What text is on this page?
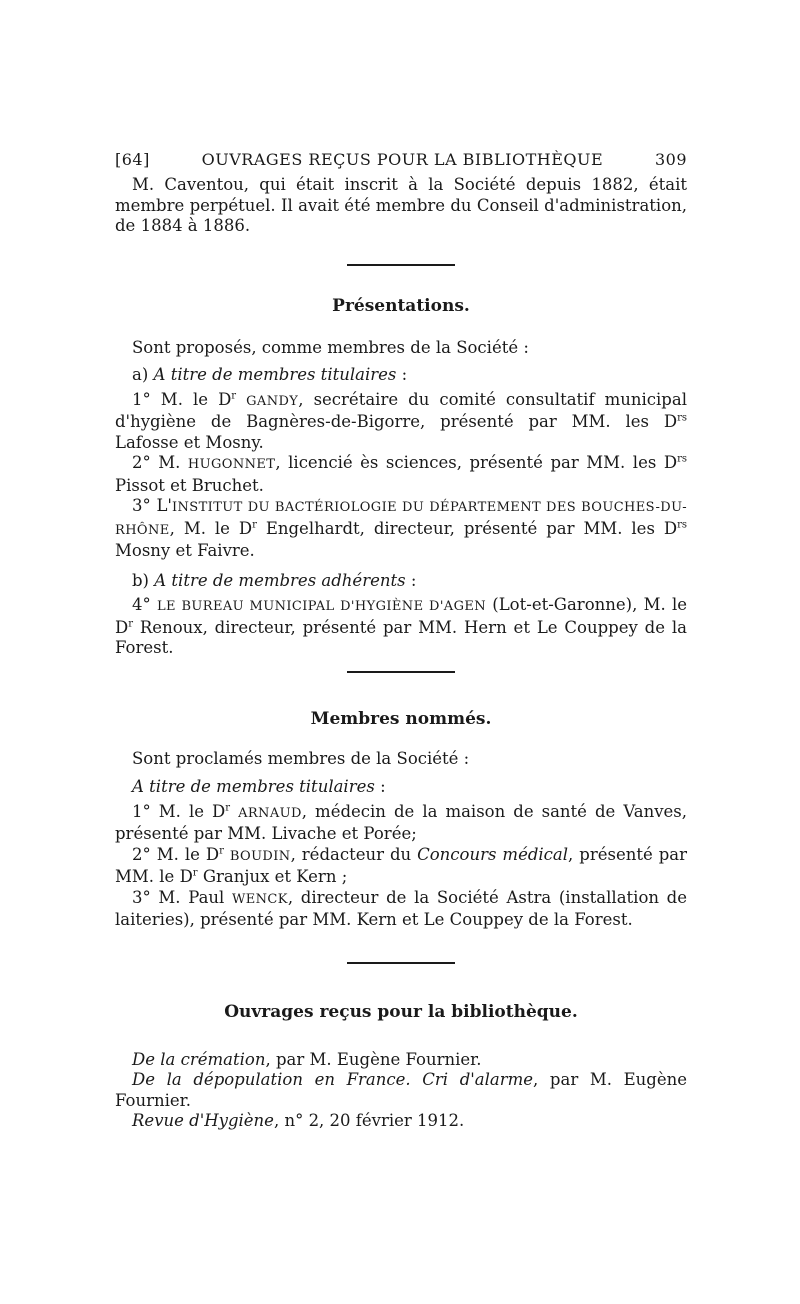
[64]	OUVRAGES REÇUS POUR LA BIBLIOTHÈQUE	309

M. Caventou, qui était inscrit à la Société depuis 1882, était membre perpétuel. Il avait été membre du Conseil d'administration, de 1884 à 1886.

Présentations.

Sont proposés, comme membres de la Société :

a) A titre de membres titulaires :

1° M. le $D^r$ GANDY, secrétaire du comité consultatif municipal d'hygiène de Bagnères-de-Bigorre, présenté par MM. les $D^{rs}$ Lafosse et Mosny.

2° M. HUGONNET, licencié ès sciences, présenté par MM. les $D^{rs}$ Pissot et Bruchet.

3° L'INSTITUT DU BACTÉRIOLOGIE DU DÉPARTEMENT DES BOUCHES-DU-RHÔNE, M. le $D^r$ Engelhardt, directeur, présenté par MM. les $D^{rs}$ Mosny et Faivre.

b) A titre de membres adhérents :

4° LE BUREAU MUNICIPAL D'HYGIÈNE D'AGEN (Lot-et-Garonne), M. le $D^r$ Renoux, directeur, présenté par MM. Hern et Le Couppey de la Forest.

Membres nommés.

Sont proclamés membres de la Société :

A titre de membres titulaires :

1° M. le $D^r$ ARNAUD, médecin de la maison de santé de Vanves, présenté par MM. Livache et Porée;

2° M. le $D^r$ BOUDIN, rédacteur du Concours médical, présenté par MM. le $D^r$ Granjux et Kern ;

3° M. Paul WENCK, directeur de la Société Astra (installation de laiteries), présenté par MM. Kern et Le Couppey de la Forest.

Ouvrages reçus pour la bibliothèque.

De la crémation, par M. Eugène Fournier.

De la dépopulation en France. Cri d'alarme, par M. Eugène Fournier.

Revue d'Hygiène, n° 2, 20 février 1912.
